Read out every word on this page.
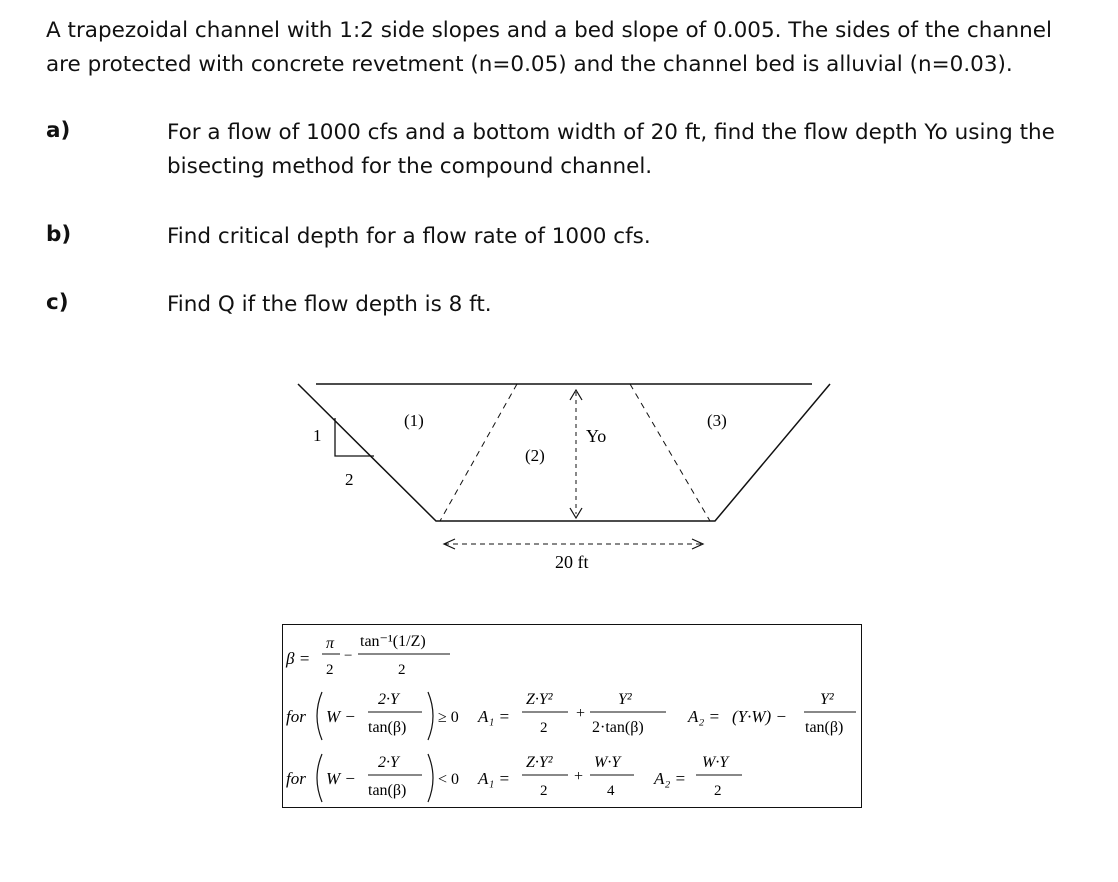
A trapezoidal channel with 1:2 side slopes and a bed slope of 0.005. The sides of the channel
are protected with concrete revetment (n=0.05) and the channel bed is alluvial (n=0.03).
a)	For a flow of 1000 cfs and a bottom width of 20 ft, find the flow depth Yo using the
bisecting method for the compound channel.
b)	Find critical depth for a flow rate of 1000 cfs.
c)	Find Q if the flow depth is 8 ft.
1
2
(1)
(2)
(3)
Yo
20 ft
β =
π
2
−
tan⁻¹(1/Z)
2
for W −
2·Y
tan(β)
≥ 0 A₁ =
Z·Y²
2
+
Y²
2·tan(β)
A₂ = (Y·W) −
Y²
tan(β)
for W −
2·Y
tan(β)
< 0 A₁ =
Z·Y²
2
+
W·Y
4
A₂ =
W·Y
2
